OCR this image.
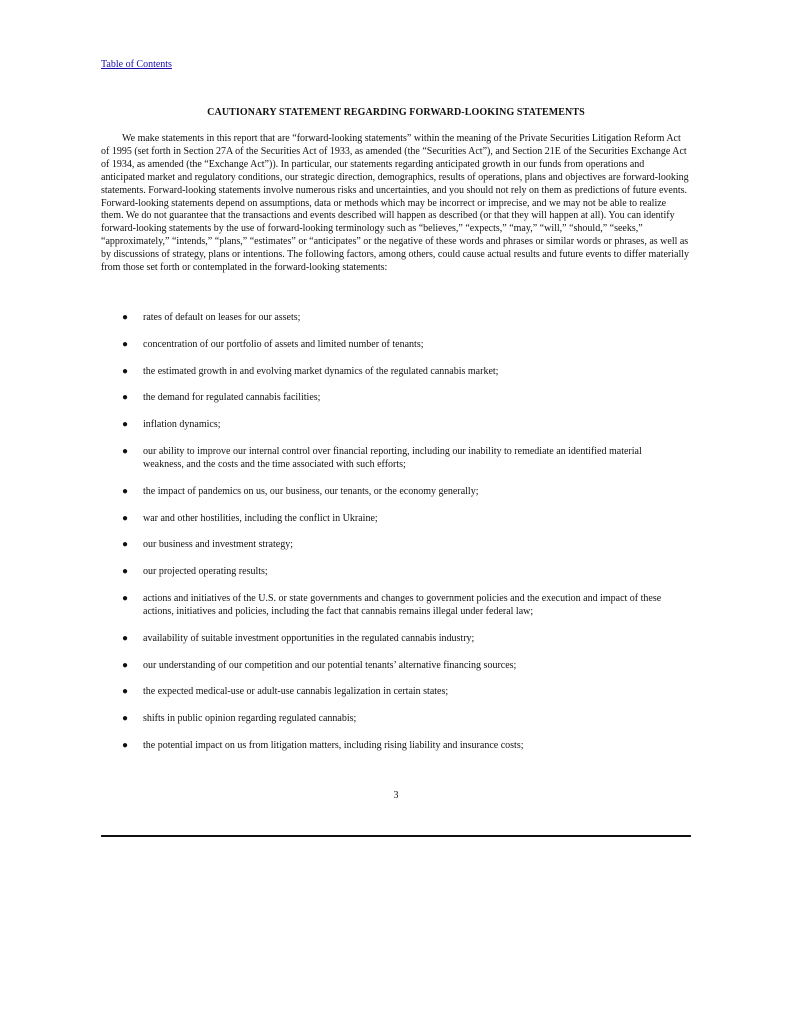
Table of Contents
CAUTIONARY STATEMENT REGARDING FORWARD-LOOKING STATEMENTS

We make statements in this report that are “forward-looking statements” within the meaning of the Private Securities Litigation Reform Act of 1995 (set forth in Section 27A of the Securities Act of 1933, as amended (the “Securities Act”), and Section 21E of the Securities Exchange Act of 1934, as amended (the “Exchange Act”)). In particular, our statements regarding anticipated growth in our funds from operations and anticipated market and regulatory conditions, our strategic direction, demographics, results of operations, plans and objectives are forward-looking statements. Forward-looking statements involve numerous risks and uncertainties, and you should not rely on them as predictions of future events. Forward-looking statements depend on assumptions, data or methods which may be incorrect or imprecise, and we may not be able to realize them. We do not guarantee that the transactions and events described will happen as described (or that they will happen at all). You can identify forward-looking statements by the use of forward-looking terminology such as “believes,” “expects,” “may,” “will,” “should,” “seeks,” “approximately,” “intends,” “plans,” “estimates” or “anticipates” or the negative of these words and phrases or similar words or phrases, as well as by discussions of strategy, plans or intentions. The following factors, among others, could cause actual results and future events to differ materially from those set forth or contemplated in the forward-looking statements:

● rates of default on leases for our assets;
● concentration of our portfolio of assets and limited number of tenants;
● the estimated growth in and evolving market dynamics of the regulated cannabis market;
● the demand for regulated cannabis facilities;
● inflation dynamics;
● our ability to improve our internal control over financial reporting, including our inability to remediate an identified material weakness, and the costs and the time associated with such efforts;
● the impact of pandemics on us, our business, our tenants, or the economy generally;
● war and other hostilities, including the conflict in Ukraine;
● our business and investment strategy;
● our projected operating results;
● actions and initiatives of the U.S. or state governments and changes to government policies and the execution and impact of these actions, initiatives and policies, including the fact that cannabis remains illegal under federal law;
● availability of suitable investment opportunities in the regulated cannabis industry;
● our understanding of our competition and our potential tenants’ alternative financing sources;
● the expected medical-use or adult-use cannabis legalization in certain states;
● shifts in public opinion regarding regulated cannabis;
● the potential impact on us from litigation matters, including rising liability and insurance costs;
3
